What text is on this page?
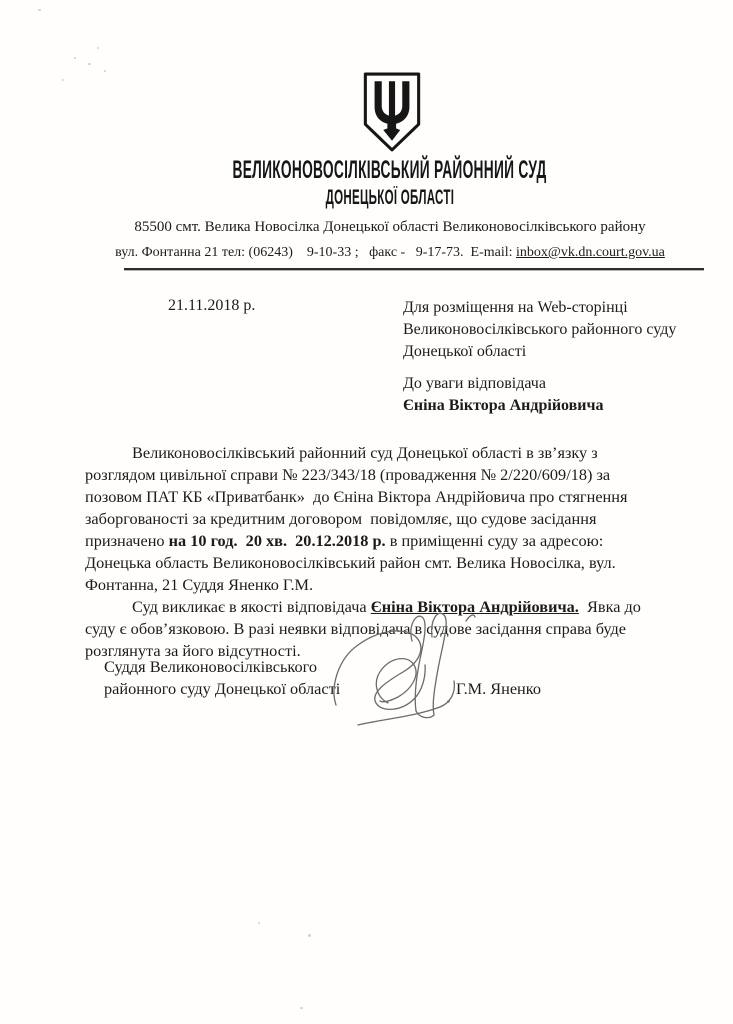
ВЕЛИКОНОВОСІЛКІВСЬКИЙ РАЙОННИЙ СУД
ДОНЕЦЬКОЇ ОБЛАСТІ
85500 смт. Велика Новосілка Донецької області Великоновосілківського району
вул. Фонтанна 21 тел: (06243)    9-10-33 ;   факс -   9-17-73.  E-mail: inbox@vk.dn.court.gov.ua
21.11.2018 р.	Для розміщення на Web-сторінці
Великоновосілківського районного суду
Донецької області
До уваги відповідача
Єніна Віктора Андрійовича

Великоновосілківський районний суд Донецької області в зв’язку з розглядом цивільної справи № 223/343/18 (провадження № 2/220/609/18) за позовом ПАТ КБ «Приватбанк»  до Єніна Віктора Андрійовича про стягнення заборгованості за кредитним договором  повідомляє, що судове засідання призначено на 10 год.  20 хв.  20.12.2018 р. в приміщенні суду за адресою: Донецька область Великоновосілківський район смт. Велика Новосілка, вул. Фонтанна, 21 Суддя Яненко Г.М.

Суд викликає в якості відповідача Єніна Віктора Андрійовича.  Явка до суду є обов’язковою. В разі неявки відповідача в судове засідання справа буде розглянута за його відсутності.

Суддя Великоновосілківського
районного суду Донецької області	Г.М. Яненко
